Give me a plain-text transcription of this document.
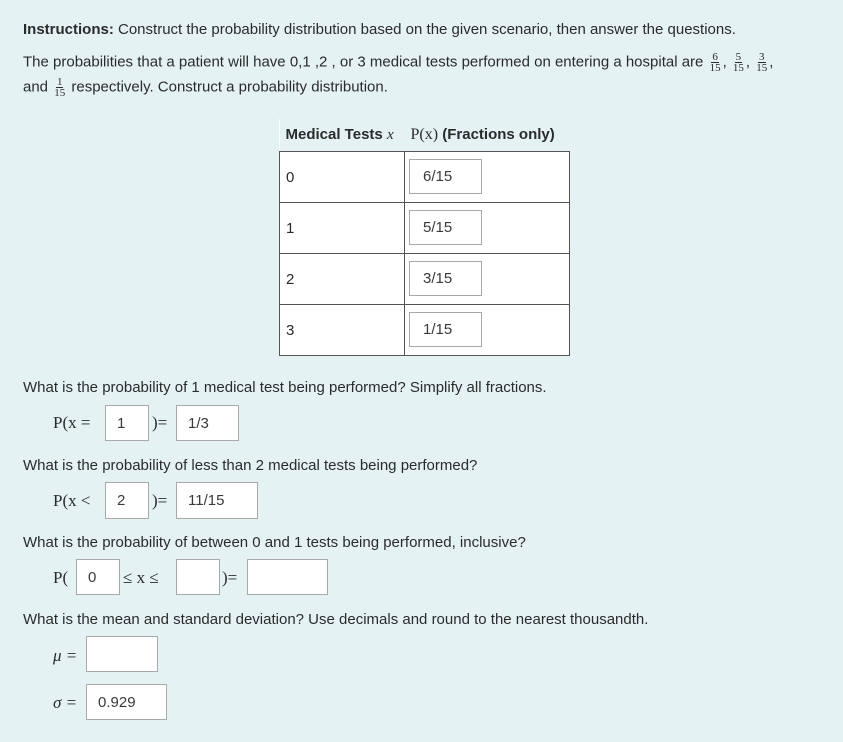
Instructions: Construct the probability distribution based on the given scenario, then answer the questions.
The probabilities that a patient will have 0,1 ,2 , or 3 medical tests performed on entering a hospital are $\frac{6}{15}$ , $\frac{5}{15}$ , $\frac{3}{15}$ ,
and $\frac{1}{15}$ respectively. Construct a probability distribution.
Medical Tests x	P(x) (Fractions only)
0	6/15

1	5/15

2	3/15

3	1/15
What is the probability of 1 medical test being performed? Simplify all fractions.
P(x =	1	)=	1/3
What is the probability of less than 2 medical tests being performed?
P(x <	2	)=	11/15
What is the probability of between 0 and 1 tests being performed, inclusive?
P(	0	≤ x ≤	)=
What is the mean and standard deviation? Use decimals and round to the nearest thousandth.
μ =
σ =	0.929
